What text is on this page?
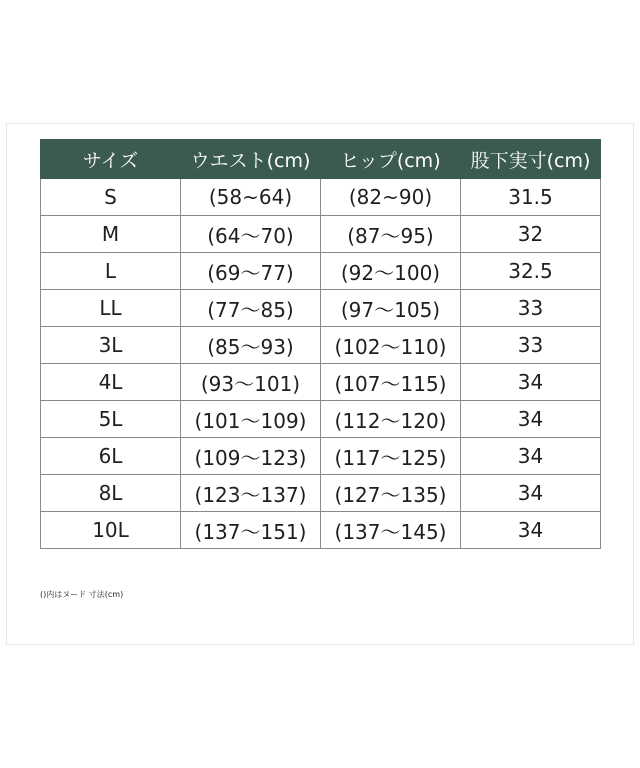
サイズ	ウエスト(cm)	ヒップ(cm)	股下実寸(cm)
S	(58~64)	(82~90)	31.5
M	(64〜70)	(87〜95)	32
L	(69〜77)	(92〜100)	32.5
LL	(77〜85)	(97〜105)	33
3L	(85〜93)	(102〜110)	33
4L	(93〜101)	(107〜115)	34
5L	(101〜109)	(112〜120)	34
6L	(109〜123)	(117〜125)	34
8L	(123〜137)	(127〜135)	34
10L	(137〜151)	(137〜145)	34
()内はヌード 寸法(cm)
